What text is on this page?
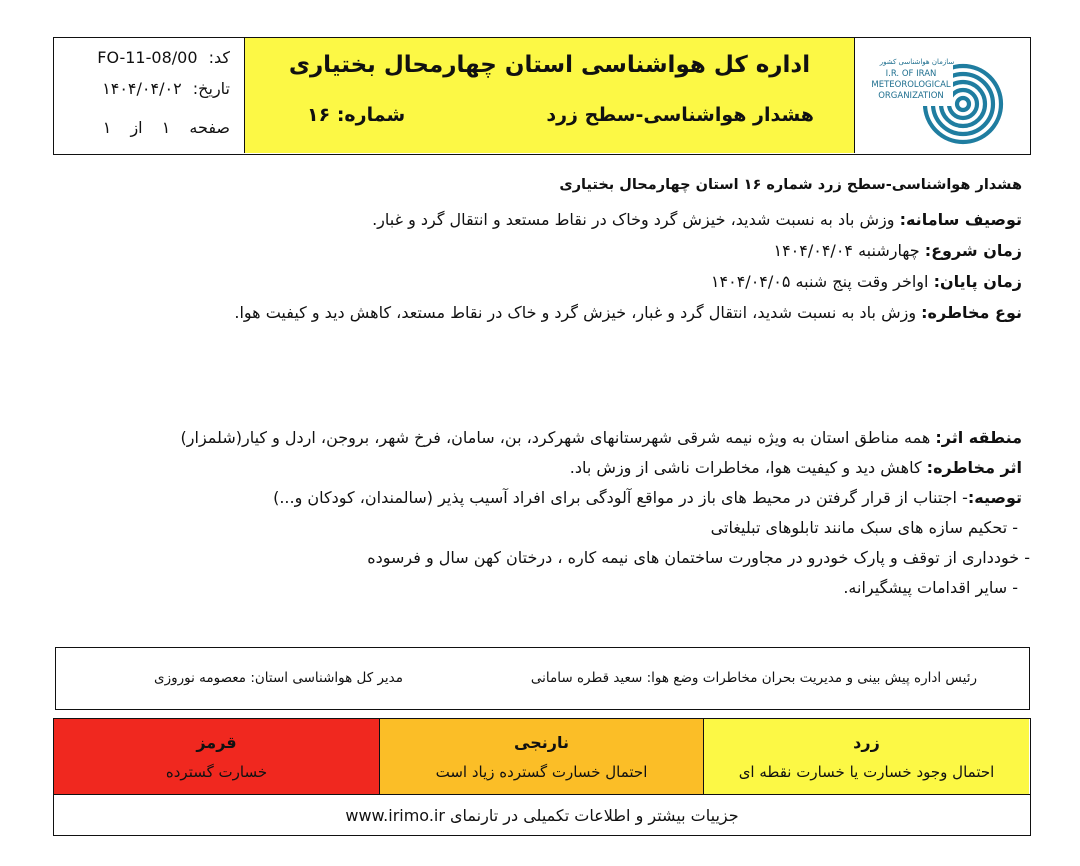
کد: FO-11-08/00
تاریخ: ۱۴۰۴/۰۴/۰۲
صفحه ۱ از ۱
اداره کل هواشناسی استان چهارمحال بختیاری
هشدار هواشناسی-سطح زرد
شماره: ۱۶
سازمان هواشناسی کشور
I.R. OF IRAN
METEOROLOGICAL
ORGANIZATION
هشدار هواشناسی-سطح زرد شماره ۱۶ استان چهارمحال بختیاری
توصیف سامانه: وزش باد به نسبت شدید، خیزش گرد وخاک در نقاط مستعد و انتقال گرد و غبار.
زمان شروع: چهارشنبه ۱۴۰۴/۰۴/۰۴
زمان پایان: اواخر وقت پنج شنبه ۱۴۰۴/۰۴/۰۵
نوع مخاطره: وزش باد به نسبت شدید، انتقال گرد و غبار، خیزش گرد و خاک در نقاط مستعد، کاهش دید و کیفیت هوا.
منطقه اثر: همه مناطق استان به ویژه نیمه شرقی شهرستانهای شهرکرد، بن، سامان، فرخ شهر، بروجن، اردل و کیار(شلمزار)
اثر مخاطره: کاهش دید و کیفیت هوا، مخاطرات ناشی از وزش باد.
توصیه:- اجتناب از قرار گرفتن در محیط های باز در مواقع آلودگی برای افراد آسیب پذیر (سالمندان، کودکان و...)
- تحکیم سازه های سبک مانند تابلوهای تبلیغاتی
- خودداری از توقف و پارک خودرو در مجاورت ساختمان های نیمه کاره ، درختان کهن سال و فرسوده
- سایر اقدامات پیشگیرانه.
رئیس اداره پیش بینی و مدیریت بحران مخاطرات وضع هوا: سعید قطره سامانی
مدیر کل هواشناسی استان: معصومه نوروزی
زرد
احتمال وجود خسارت یا خسارت نقطه ای
نارنجی
احتمال خسارت گسترده زیاد است
قرمز
خسارت گسترده
جزییات بیشتر و اطلاعات تکمیلی در تارنمای www.irimo.ir
